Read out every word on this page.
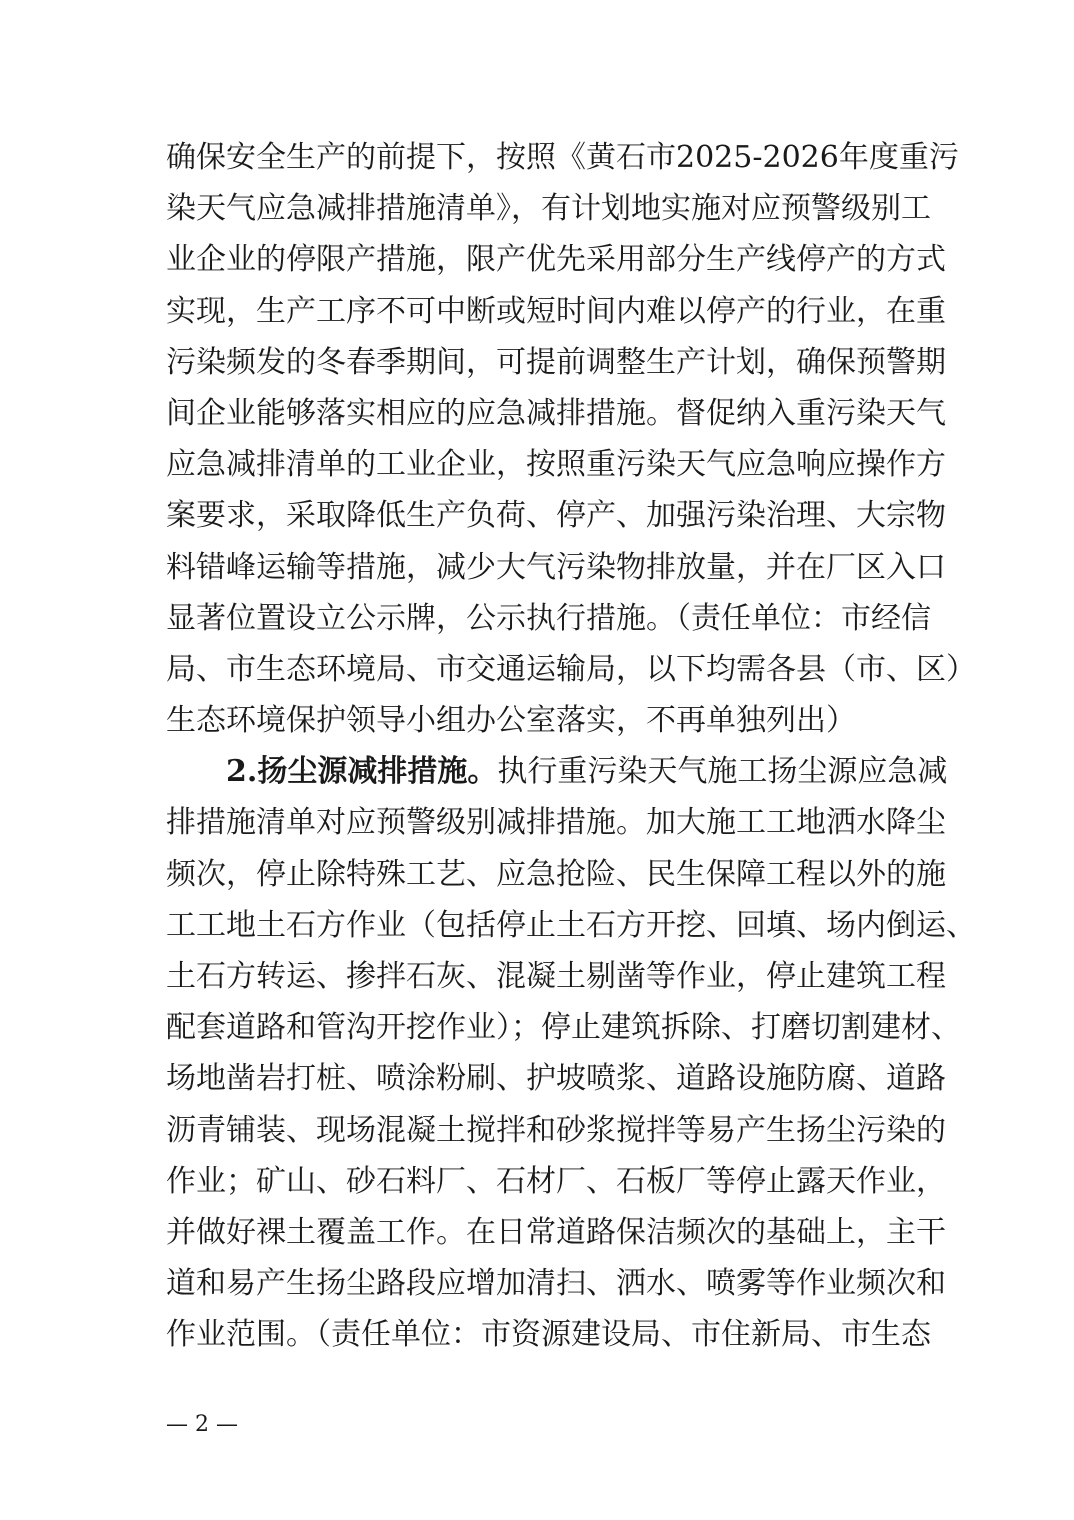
确保安全生产的前提下，按照《黄石市2025-2026年度重污
染天气应急减排措施清单》，有计划地实施对应预警级别工
业企业的停限产措施，限产优先采用部分生产线停产的方式
实现，生产工序不可中断或短时间内难以停产的行业，在重
污染频发的冬春季期间，可提前调整生产计划，确保预警期
间企业能够落实相应的应急减排措施。督促纳入重污染天气
应急减排清单的工业企业，按照重污染天气应急响应操作方
案要求，采取降低生产负荷、停产、加强污染治理、大宗物
料错峰运输等措施，减少大气污染物排放量，并在厂区入口
显著位置设立公示牌，公示执行措施。（责任单位：市经信
局、市生态环境局、市交通运输局，以下均需各县（市、区）
生态环境保护领导小组办公室落实，不再单独列出）
2.扬尘源减排措施。执行重污染天气施工扬尘源应急减
排措施清单对应预警级别减排措施。加大施工工地洒水降尘
频次，停止除特殊工艺、应急抢险、民生保障工程以外的施
工工地土石方作业（包括停止土石方开挖、回填、场内倒运、
土石方转运、掺拌石灰、混凝土剔凿等作业，停止建筑工程
配套道路和管沟开挖作业）；停止建筑拆除、打磨切割建材、
场地凿岩打桩、喷涂粉刷、护坡喷浆、道路设施防腐、道路
沥青铺装、现场混凝土搅拌和砂浆搅拌等易产生扬尘污染的
作业；矿山、砂石料厂、石材厂、石板厂等停止露天作业，
并做好裸土覆盖工作。在日常道路保洁频次的基础上，主干
道和易产生扬尘路段应增加清扫、洒水、喷雾等作业频次和
作业范围。（责任单位：市资源建设局、市住新局、市生态
— 2 —
